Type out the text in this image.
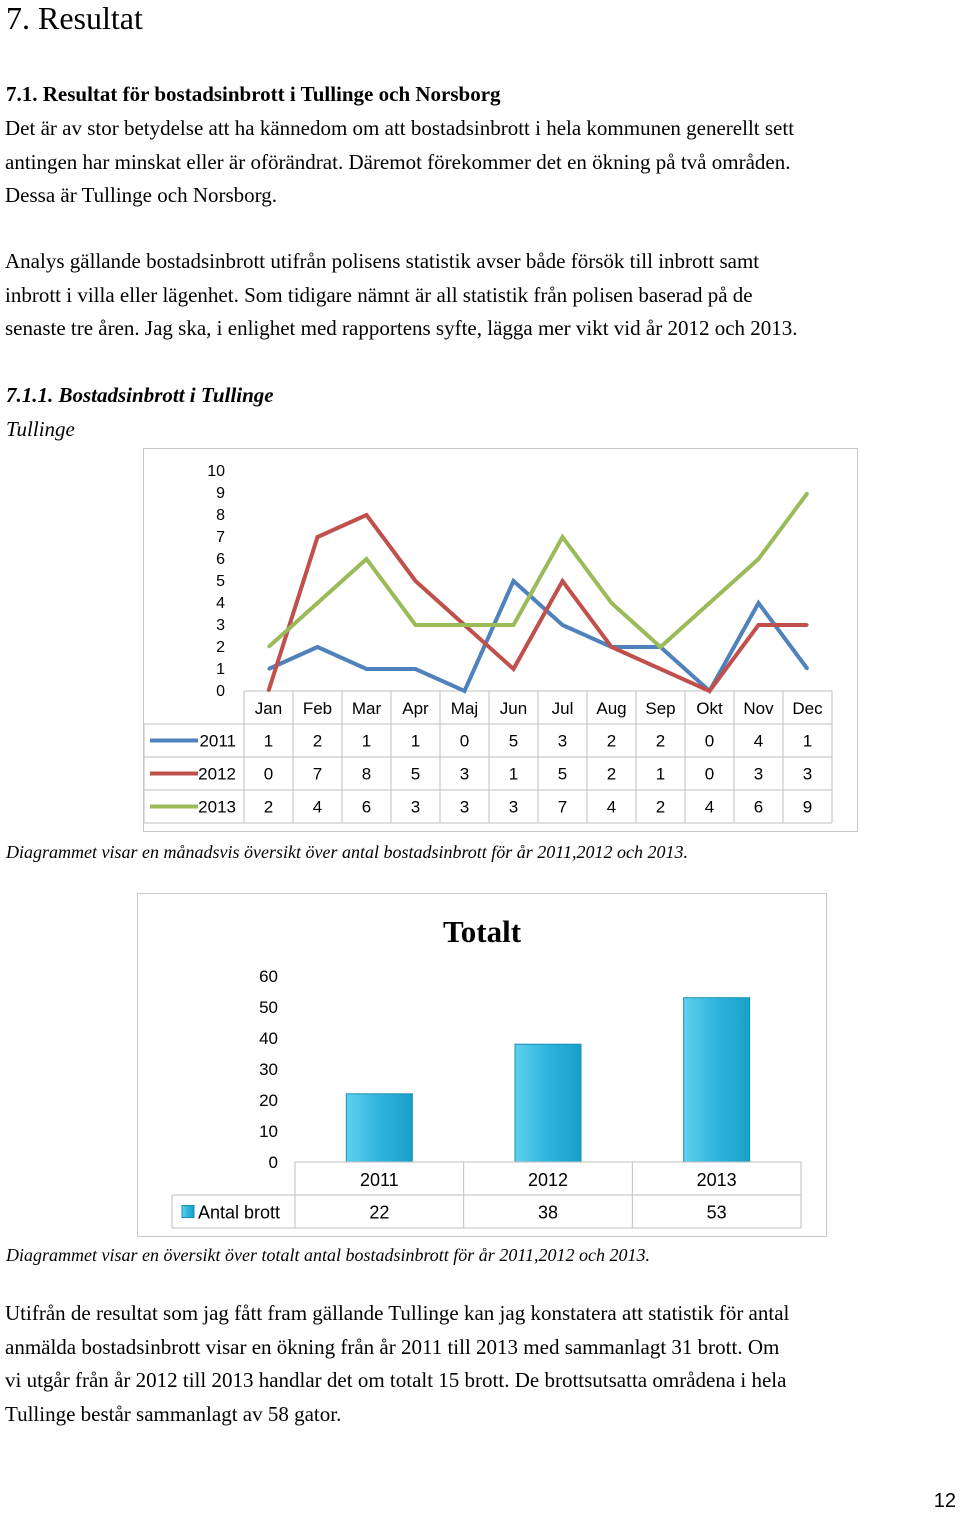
7. Resultat
7.1. Resultat för bostadsinbrott i Tullinge och Norsborg
Det är av stor betydelse att ha kännedom om att bostadsinbrott i hela kommunen generellt sett
antingen har minskat eller är oförändrat. Däremot förekommer det en ökning på två områden.
Dessa är Tullinge och Norsborg.
Analys gällande bostadsinbrott utifrån polisens statistik avser både försök till inbrott samt
inbrott i villa eller lägenhet. Som tidigare nämnt är all statistik från polisen baserad på de
senaste tre åren. Jag ska, i enlighet med rapportens syfte, lägga mer vikt vid år 2012 och 2013.
7.1.1. Bostadsinbrott i Tullinge
Tullinge
0
1
2
3
4
5
6
7
8
9
10
Jan Feb Mar Apr Maj Jun Jul Aug Sep Okt Nov Dec
2011 1 2 1 1 0 5 3 2 2 0 4 1
2012 0 7 8 5 3 1 5 2 1 0 3 3
2013 2 4 6 3 3 3 7 4 2 4 6 9

Diagrammet visar en månadsvis översikt över antal bostadsinbrott för år 2011,2012 och 2013.

Totalt
0
10
20
30
40
50
60
2011	2012	2013
Antal brott	22	38	53

Diagrammet visar en översikt över totalt antal bostadsinbrott för år 2011,2012 och 2013.

Utifrån de resultat som jag fått fram gällande Tullinge kan jag konstatera att statistik för antal
anmälda bostadsinbrott visar en ökning från år 2011 till 2013 med sammanlagt 31 brott. Om
vi utgår från år 2012 till 2013 handlar det om totalt 15 brott. De brottsutsatta områdena i hela
Tullinge består sammanlagt av 58 gator.
12
